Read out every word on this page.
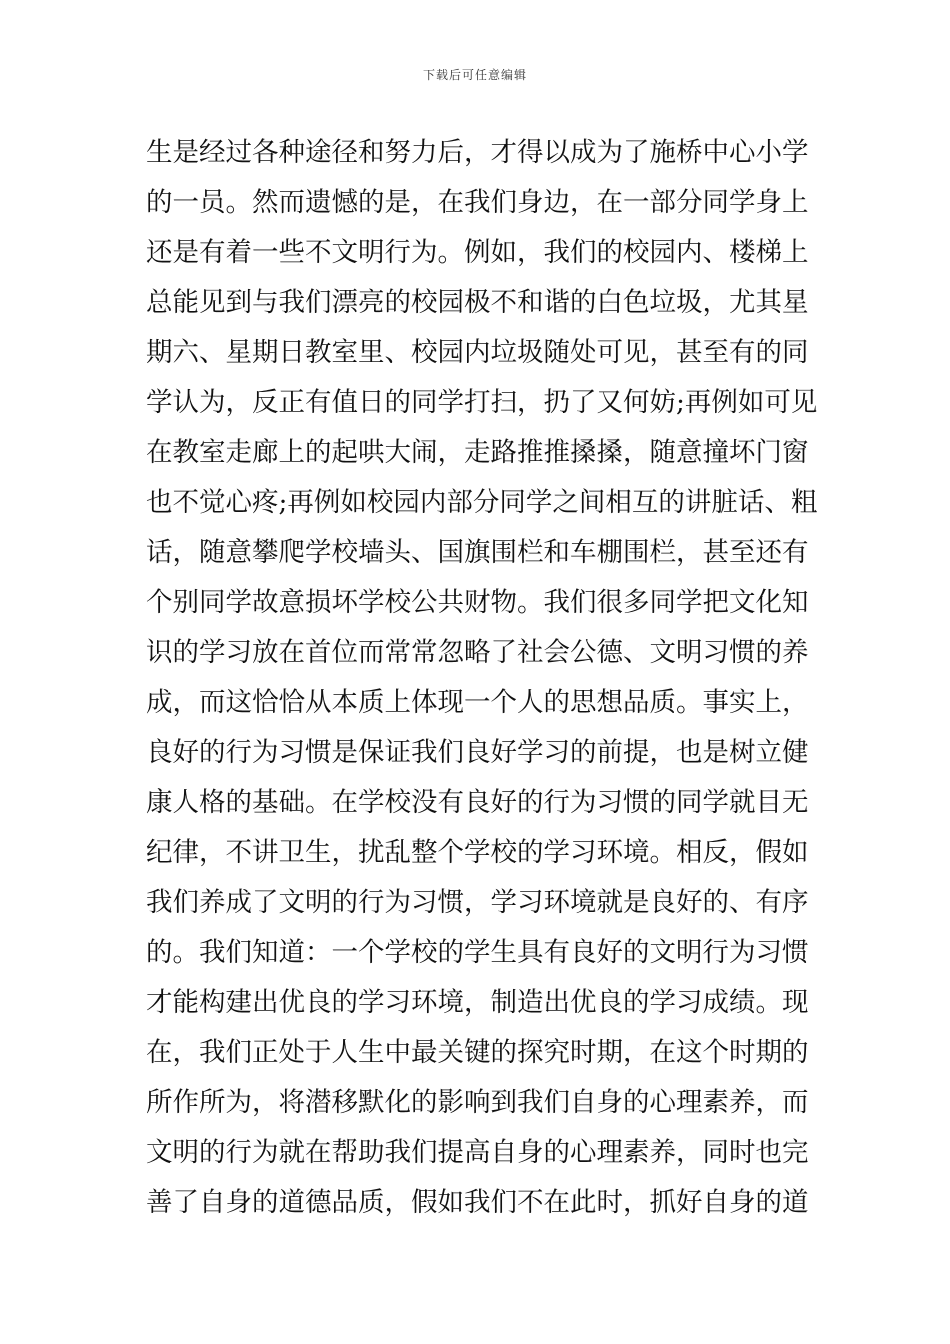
下载后可任意编辑
生是经过各种途径和努力后，才得以成为了施桥中心小学
的一员。然而遗憾的是，在我们身边，在一部分同学身上
还是有着一些不文明行为。例如，我们的校园内、楼梯上
总能见到与我们漂亮的校园极不和谐的白色垃圾，尤其星
期六、星期日教室里、校园内垃圾随处可见，甚至有的同
学认为，反正有值日的同学打扫，扔了又何妨;再例如可见
在教室走廊上的起哄大闹，走路推推搡搡，随意撞坏门窗
也不觉心疼;再例如校园内部分同学之间相互的讲脏话、粗
话，随意攀爬学校墙头、国旗围栏和车棚围栏，甚至还有
个别同学故意损坏学校公共财物。我们很多同学把文化知
识的学习放在首位而常常忽略了社会公德、文明习惯的养
成，而这恰恰从本质上体现一个人的思想品质。事实上，
良好的行为习惯是保证我们良好学习的前提，也是树立健
康人格的基础。在学校没有良好的行为习惯的同学就目无
纪律，不讲卫生，扰乱整个学校的学习环境。相反，假如
我们养成了文明的行为习惯，学习环境就是良好的、有序
的。我们知道：一个学校的学生具有良好的文明行为习惯
才能构建出优良的学习环境，制造出优良的学习成绩。现
在，我们正处于人生中最关键的探究时期，在这个时期的
所作所为，将潜移默化的影响到我们自身的心理素养，而
文明的行为就在帮助我们提高自身的心理素养，同时也完
善了自身的道德品质，假如我们不在此时，抓好自身的道
